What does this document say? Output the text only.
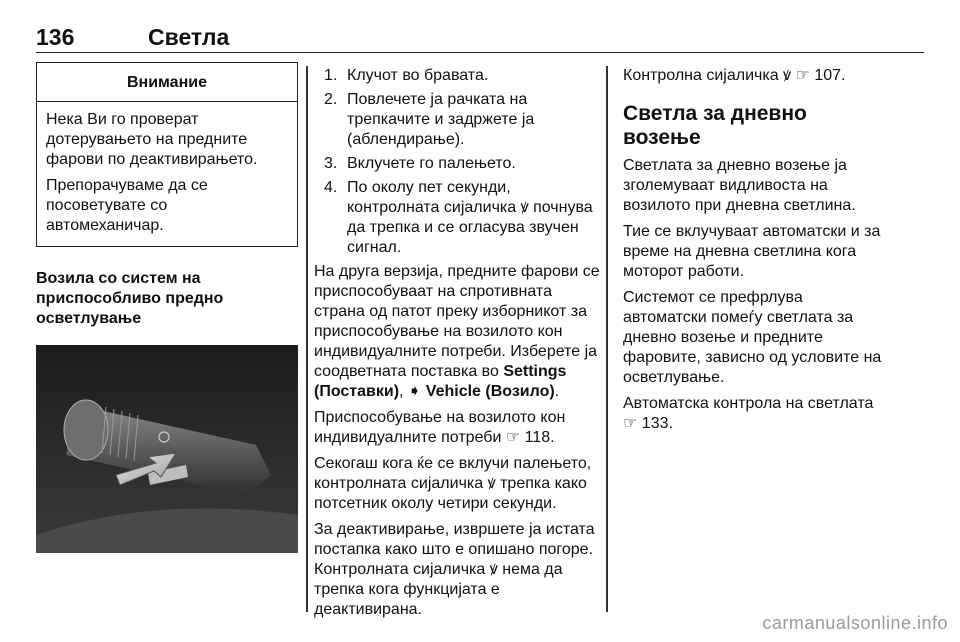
136	Светла
Внимание

Нека Ви го проверат дотерувањето на предните фарови по деактивирањето.

Препорачуваме да се посоветувате со автомеханичар.

Возила со систем на приспособливо предно осветлување
1. Клучот во бравата.
2. Повлечете ја рачката на трепкачите и задржете ја (аблендирање).
3. Вклучете го палењето.
4. По околу пет секунди, контролната сијаличка ꝟ почнува да трепка и се огласува звучен сигнал.

На друга верзија, предните фарови се приспособуваат на спротивната страна од патот преку изборникот за приспособување на возилото кон индивидуалните потреби. Изберете ја соодветната поставка во Settings (Поставки), ➧ Vehicle (Возило).

Приспособување на возилото кон индивидуалните потреби ☞ 118.

Секогаш кога ќе се вклучи палењето, контролната сијаличка ꝟ трепка како потсетник околу четири секунди.

За деактивирање, извршете ја истата постапка како што е опишано погоре. Контролната сијаличка ꝟ нема да трепка кога функцијата е деактивирана.

Контролна сијаличка ꝟ ☞ 107.

Светла за дневно возење

Светлата за дневно возење ја зголемуваат видливоста на возилото при дневна светлина.

Тие се вклучуваат автоматски и за време на дневна светлина кога моторот работи.

Системот се префрлува автоматски помеѓу светлата за дневно возење и предните фаровите, зависно од условите на осветлување.

Автоматска контрола на светлата ☞ 133.

carmanualsonline.info
